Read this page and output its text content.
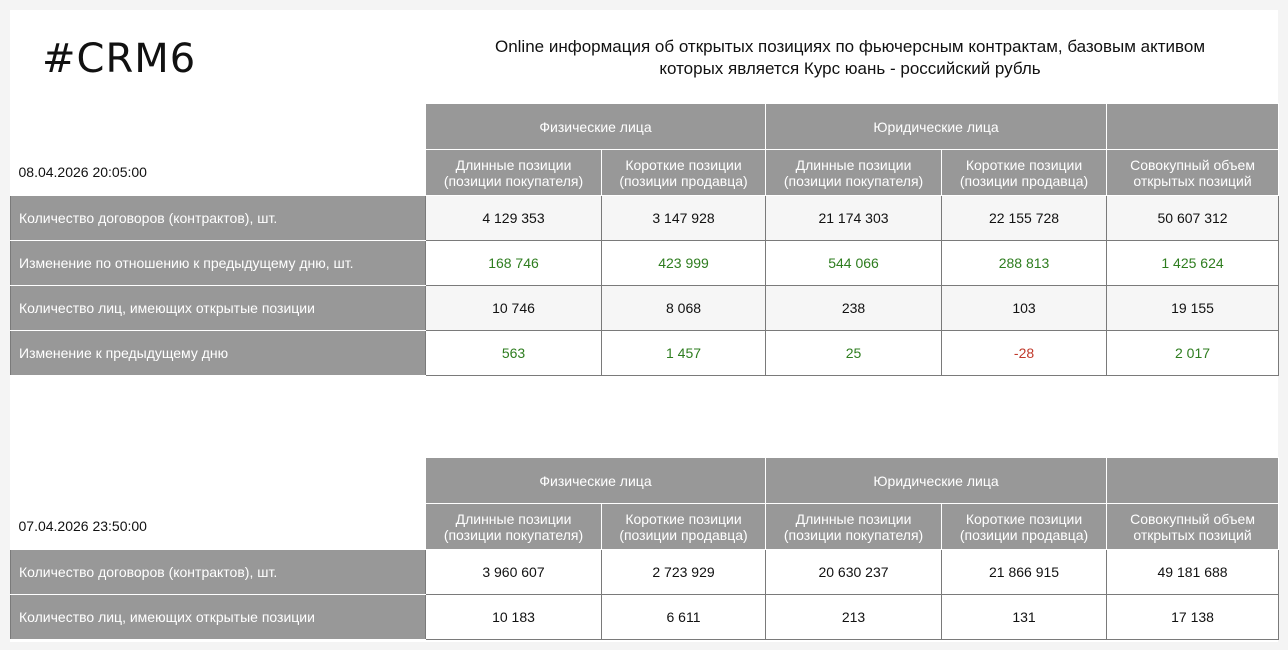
#CRM6	Online информация об открытых позициях по фьючерсным контрактам, базовым активом
которых является Курс юань - российский рубль
08.04.2026 20:05:00	Физические лица		Юридические лица		
	Длинные позиции
(позиции покупателя)	Короткие позиции
(позиции продавца)	Длинные позиции
(позиции покупателя)	Короткие позиции
(позиции продавца)	Совокупный объем
открытых позиций
Количество договоров (контрактов), шт.	4 129 353	3 147 928	21 174 303	22 155 728	50 607 312
Изменение по отношению к предыдущему дню, шт.	168 746	423 999	544 066	288 813	1 425 624
Количество лиц, имеющих открытые позиции	10 746	8 068	238	103	19 155
Изменение к предыдущему дню	563	1 457	25	-28	2 017
07.04.2026 23:50:00	Физические лица		Юридические лица		
	Длинные позиции
(позиции покупателя)	Короткие позиции
(позиции продавца)	Длинные позиции
(позиции покупателя)	Короткие позиции
(позиции продавца)	Совокупный объем
открытых позиций
Количество договоров (контрактов), шт.	3 960 607	2 723 929	20 630 237	21 866 915	49 181 688
Количество лиц, имеющих открытые позиции	10 183	6 611	213	131	17 138
